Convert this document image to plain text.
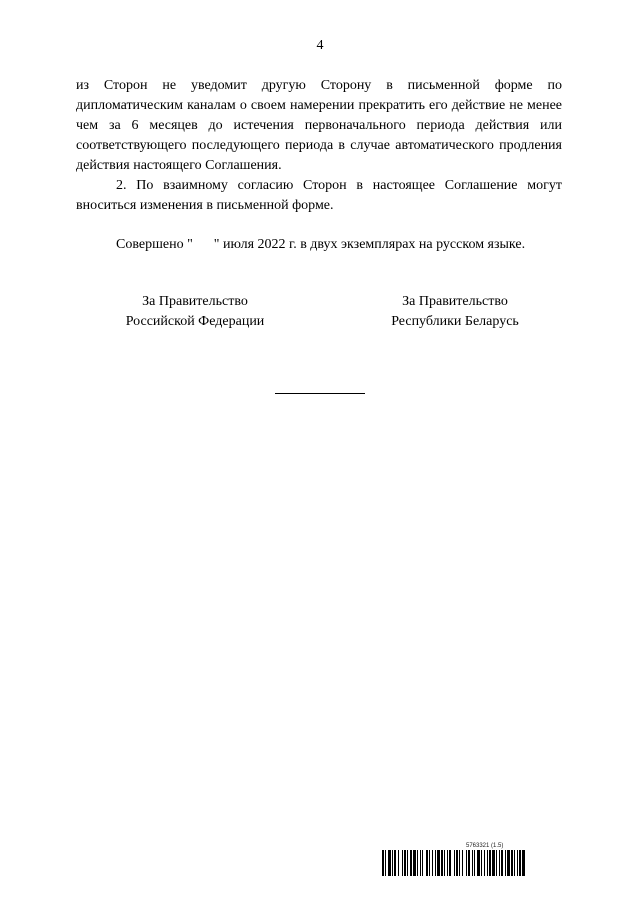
4

из Сторон не уведомит другую Сторону в письменной форме по дипломатическим каналам о своем намерении прекратить его действие не менее чем за 6 месяцев до истечения первоначального периода действия или соответствующего последующего периода в случае автоматического продления действия настоящего Соглашения.

2. По взаимному согласию Сторон в настоящее Соглашение могут вноситься изменения в письменной форме.

Совершено "      " июля 2022 г. в двух экземплярах на русском языке.
За Правительство
Российской Федерации
За Правительство
Республики Беларусь
5763321 (1.5)
